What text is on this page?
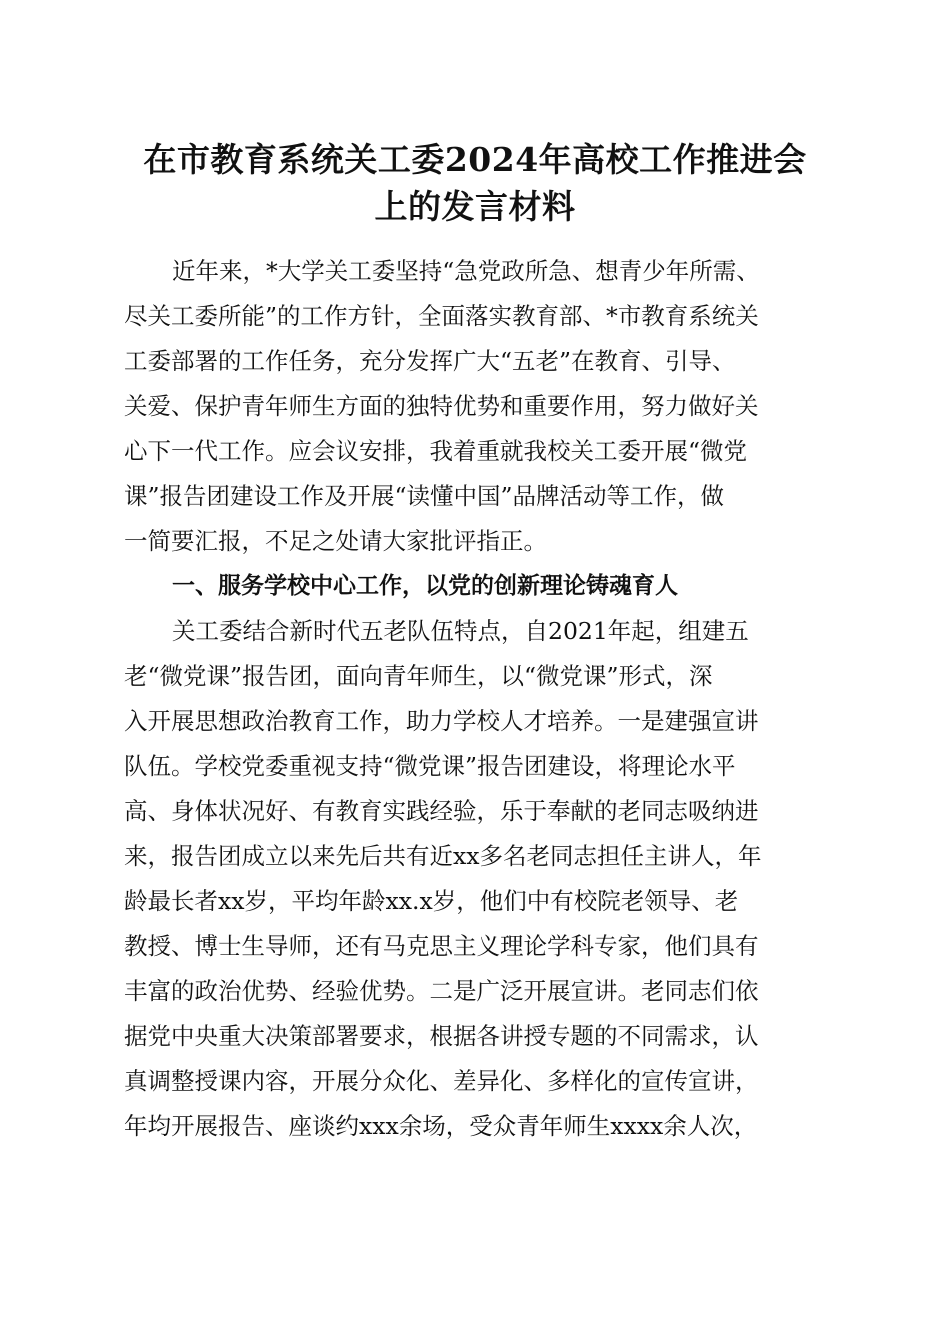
在市教育系统关工委2024年高校工作推进会
上的发言材料
近年来，*大学关工委坚持“急党政所急、想青少年所需、
尽关工委所能”的工作方针，全面落实教育部、*市教育系统关
工委部署的工作任务，充分发挥广大“五老”在教育、引导、
关爱、保护青年师生方面的独特优势和重要作用，努力做好关
心下一代工作。应会议安排，我着重就我校关工委开展“微党
课”报告团建设工作及开展“读懂中国”品牌活动等工作，做
一简要汇报，不足之处请大家批评指正。
一、服务学校中心工作，以党的创新理论铸魂育人
关工委结合新时代五老队伍特点，自2021年起，组建五
老“微党课”报告团，面向青年师生，以“微党课”形式，深
入开展思想政治教育工作，助力学校人才培养。一是建强宣讲
队伍。学校党委重视支持“微党课”报告团建设，将理论水平
高、身体状况好、有教育实践经验，乐于奉献的老同志吸纳进
来，报告团成立以来先后共有近xx多名老同志担任主讲人，年
龄最长者xx岁，平均年龄xx.x岁，他们中有校院老领导、老
教授、博士生导师，还有马克思主义理论学科专家，他们具有
丰富的政治优势、经验优势。二是广泛开展宣讲。老同志们依
据党中央重大决策部署要求，根据各讲授专题的不同需求，认
真调整授课内容，开展分众化、差异化、多样化的宣传宣讲，
年均开展报告、座谈约xxx余场，受众青年师生xxxx余人次，
